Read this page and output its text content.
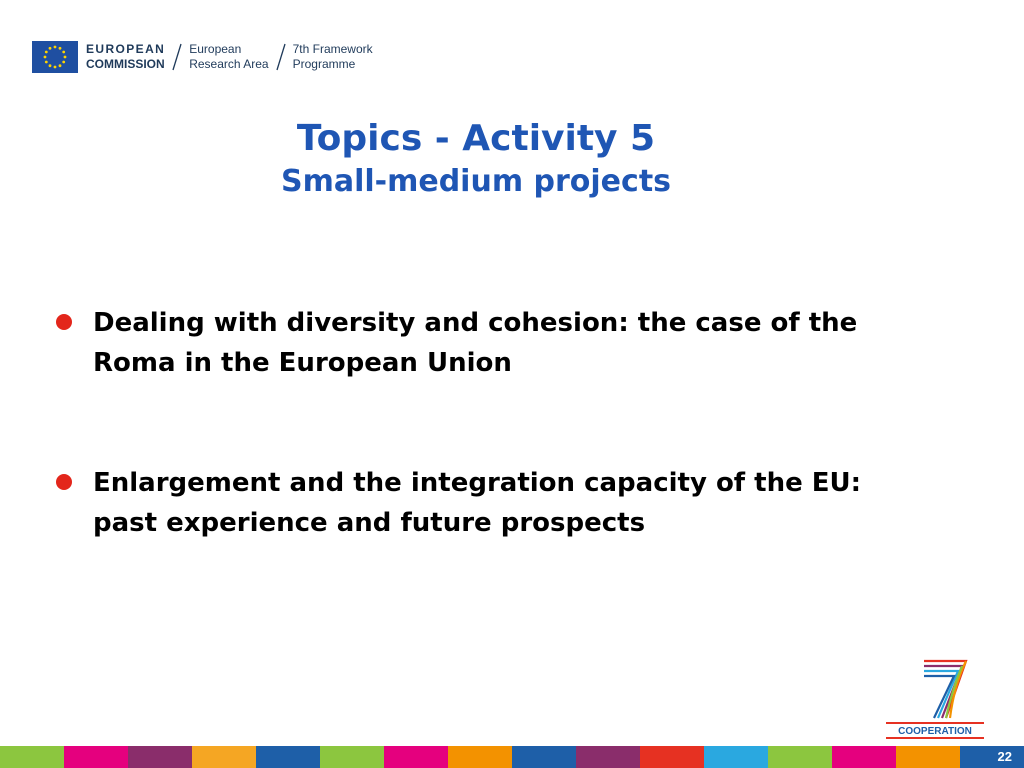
EUROPEAN
COMMISSION
European
Research Area
7th Framework
Programme
Topics - Activity 5
Small-medium projects
Dealing with diversity and cohesion: the case of the Roma in the European Union
Enlargement and the integration capacity of the EU: past experience and future prospects
COOPERATION
22
